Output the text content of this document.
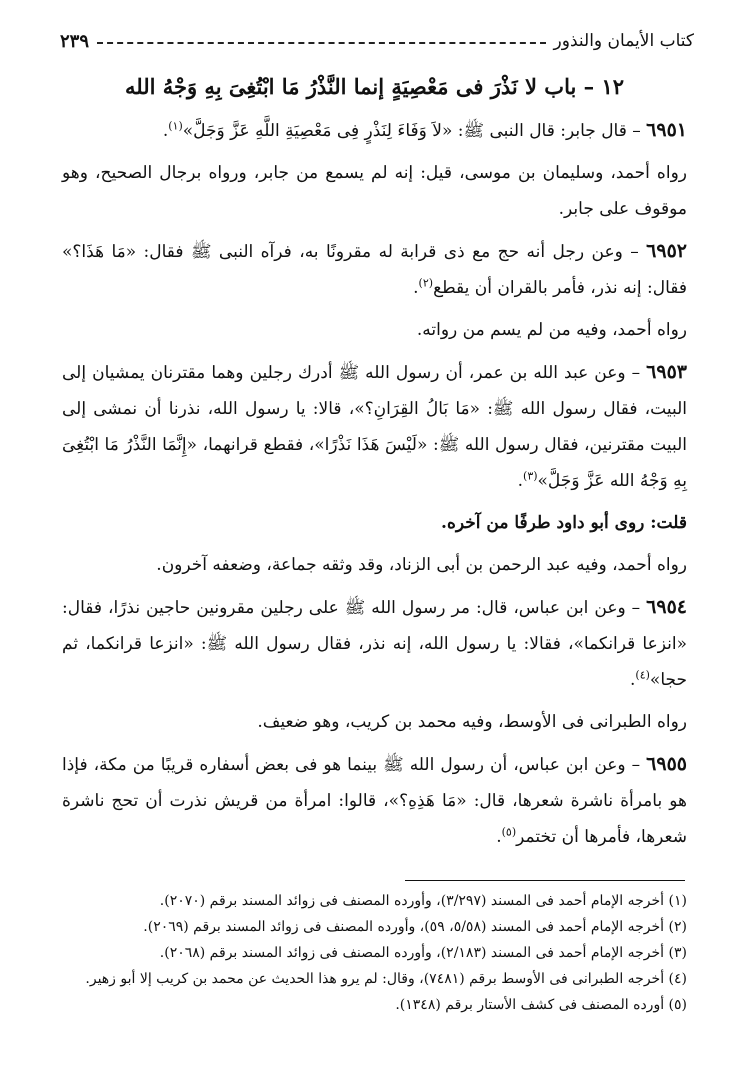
كتاب الأيمان والنذور
٢٣٩
١٢ – باب لا نَذْرَ فى مَعْصِيَةٍ إنما النَّذْرُ مَا ابْتُغِىَ بِهِ وَجْهُ الله

٦٩٥١ – قال جابر: قال النبى ﷺ: «لاَ وَفَاءَ لِنَذْرٍ فِى مَعْصِيَةِ اللَّهِ عَزَّ وَجَلَّ»$^{(١)}$.

رواه أحمد، وسليمان بن موسى، قيل: إنه لم يسمع من جابر، ورواه برجال الصحيح، وهو موقوف على جابر.

٦٩٥٢ – وعن رجل أنه حج مع ذى قرابة له مقرونًا به، فرآه النبى ﷺ فقال: «مَا هَذَا؟» فقال: إنه نذر، فأمر بالقران أن يقطع$^{(٢)}$.

رواه أحمد، وفيه من لم يسم من رواته.

٦٩٥٣ – وعن عبد الله بن عمر، أن رسول الله ﷺ أدرك رجلين وهما مقترنان يمشيان إلى البيت، فقال رسول الله ﷺ: «مَا بَالُ القِرَانِ؟»، قالا: يا رسول الله، نذرنا أن نمشى إلى البيت مقترنين، فقال رسول الله ﷺ: «لَيْسَ هَذَا نَذْرًا»، فقطع قرانهما، «إِنَّمَا النَّذْرُ مَا ابْتُغِىَ بِهِ وَجْهُ الله عَزَّ وَجَلَّ»$^{(٣)}$.

قلت: روى أبو داود طرفًا من آخره.

رواه أحمد، وفيه عبد الرحمن بن أبى الزناد، وقد وثقه جماعة، وضعفه آخرون.

٦٩٥٤ – وعن ابن عباس، قال: مر رسول الله ﷺ على رجلين مقرونين حاجين نذرًا، فقال: «انزعا قرانكما»، فقالا: يا رسول الله، إنه نذر، فقال رسول الله ﷺ: «انزعا قرانكما، ثم حجا»$^{(٤)}$.

رواه الطبرانى فى الأوسط، وفيه محمد بن كريب، وهو ضعيف.

٦٩٥٥ – وعن ابن عباس، أن رسول الله ﷺ بينما هو فى بعض أسفاره قريبًا من مكة، فإذا هو بامرأة ناشرة شعرها، قال: «مَا هَذِهِ؟»، قالوا: امرأة من قريش نذرت أن تحج ناشرة شعرها، فأمرها أن تختمر$^{(٥)}$.

(١) أخرجه الإمام أحمد فى المسند (٣/٢٩٧)، وأورده المصنف فى زوائد المسند برقم (٢٠٧٠).
(٢) أخرجه الإمام أحمد فى المسند (٥/٥٨، ٥٩)، وأورده المصنف فى زوائد المسند برقم (٢٠٦٩).
(٣) أخرجه الإمام أحمد فى المسند (٢/١٨٣)، وأورده المصنف فى زوائد المسند برقم (٢٠٦٨).
(٤) أخرجه الطبرانى فى الأوسط برقم (٧٤٨١)، وقال: لم يرو هذا الحديث عن محمد بن كريب إلا أبو زهير.
(٥) أورده المصنف فى كشف الأستار برقم (١٣٤٨).
